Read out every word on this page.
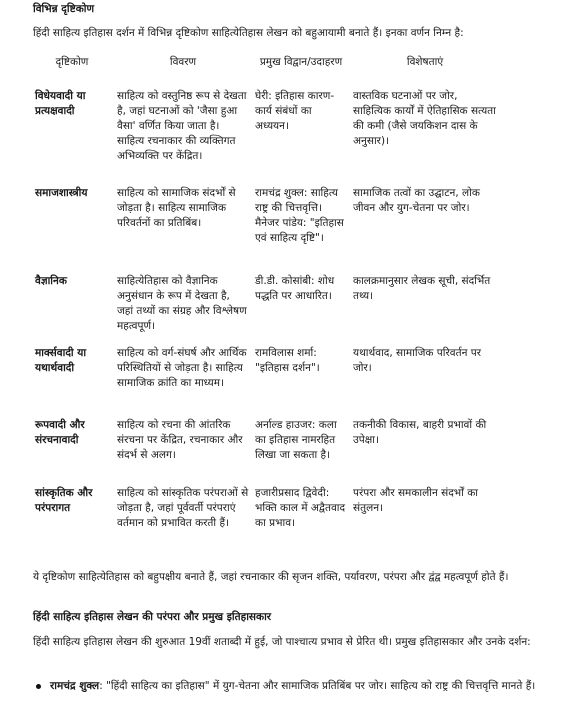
विभिन्न दृष्टिकोण
हिंदी साहित्य इतिहास दर्शन में विभिन्न दृष्टिकोण साहित्येतिहास लेखन को बहुआयामी बनाते हैं। इनका वर्णन निम्न है:
दृष्टिकोण	विवरण	प्रमुख विद्वान/उदाहरण	विशेषताएं
विधेयवादी या प्रत्यक्षवादी	साहित्य को वस्तुनिष्ठ रूप से देखता है, जहां घटनाओं को 'जैसा हुआ वैसा' वर्णित किया जाता है। साहित्य रचनाकार की व्यक्तिगत अभिव्यक्ति पर केंद्रित।	घेरी: इतिहास कारण-कार्य संबंधों का अध्ययन।	वास्तविक घटनाओं पर जोर, साहित्यिक कार्यों में ऐतिहासिक सत्यता की कमी (जैसे जयकिशन दास के अनुसार)।
समाजशास्त्रीय	साहित्य को सामाजिक संदर्भों से जोड़ता है। साहित्य सामाजिक परिवर्तनों का प्रतिबिंब।	रामचंद्र शुक्ल: साहित्य राष्ट्र की चित्तवृत्ति। मैनेजर पांडेय: "इतिहास एवं साहित्य दृष्टि"।	सामाजिक तत्वों का उद्घाटन, लोक जीवन और युग-चेतना पर जोर।
वैज्ञानिक	साहित्येतिहास को वैज्ञानिक अनुसंधान के रूप में देखता है, जहां तथ्यों का संग्रह और विश्लेषण महत्वपूर्ण।	डी.डी. कोसांबी: शोध पद्धति पर आधारित।	कालक्रमानुसार लेखक सूची, संदर्भित तथ्य।
मार्क्सवादी या यथार्थवादी	साहित्य को वर्ग-संघर्ष और आर्थिक परिस्थितियों से जोड़ता है। साहित्य सामाजिक क्रांति का माध्यम।	रामविलास शर्मा: "इतिहास दर्शन"।	यथार्थवाद, सामाजिक परिवर्तन पर जोर।
रूपवादी और संरचनावादी	साहित्य को रचना की आंतरिक संरचना पर केंद्रित, रचनाकार और संदर्भ से अलग।	अर्नाल्ड हाउजर: कला का इतिहास नामरहित लिखा जा सकता है।	तकनीकी विकास, बाहरी प्रभावों की उपेक्षा।
सांस्कृतिक और परंपरागत	साहित्य को सांस्कृतिक परंपराओं से जोड़ता है, जहां पूर्ववर्ती परंपराएं वर्तमान को प्रभावित करती हैं।	हजारीप्रसाद द्विवेदी: भक्ति काल में अद्वैतवाद का प्रभाव।	परंपरा और समकालीन संदर्भों का संतुलन।
ये दृष्टिकोण साहित्येतिहास को बहुपक्षीय बनाते हैं, जहां रचनाकार की सृजन शक्ति, पर्यावरण, परंपरा और द्वंद्व महत्वपूर्ण होते हैं।
हिंदी साहित्य इतिहास लेखन की परंपरा और प्रमुख इतिहासकार
हिंदी साहित्य इतिहास लेखन की शुरुआत 19वीं शताब्दी में हुई, जो पाश्चात्य प्रभाव से प्रेरित थी। प्रमुख इतिहासकार और उनके दर्शन:
रामचंद्र शुक्ल: "हिंदी साहित्य का इतिहास" में युग-चेतना और सामाजिक प्रतिबिंब पर जोर। साहित्य को राष्ट्र की चित्तवृत्ति मानते हैं।
